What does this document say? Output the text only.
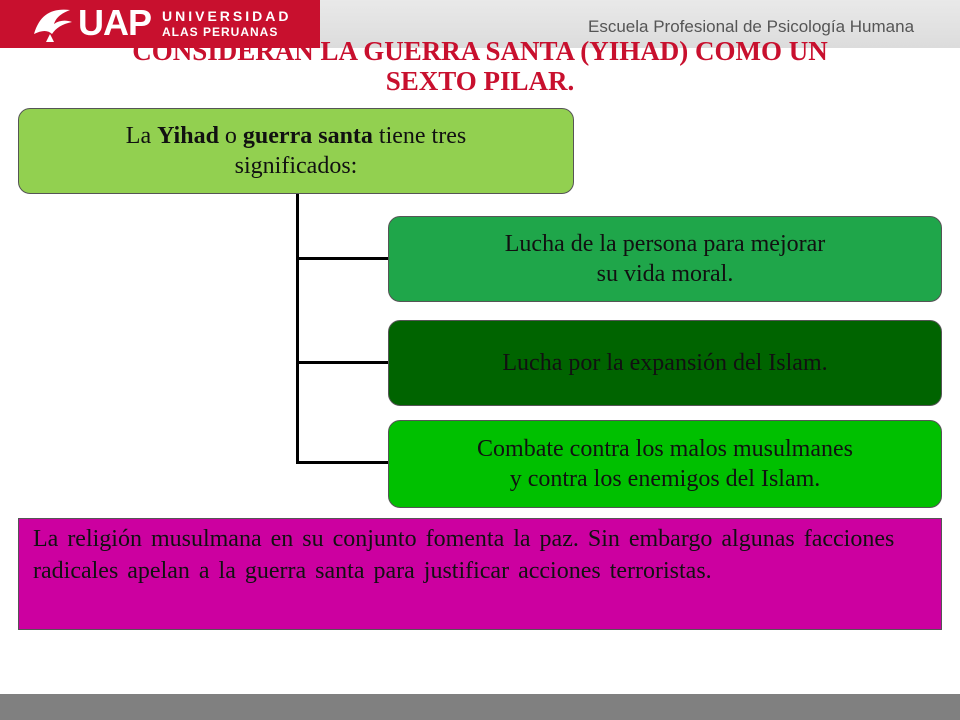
UAP UNIVERSIDAD
ALAS PERUANAS	Escuela Profesional de Psicología Humana
CONSIDERAN LA GUERRA SANTA (YIHAD) COMO UN
SEXTO PILAR.
La Yihad o guerra santa tiene tres
significados:
Lucha de la persona para mejorar
su vida moral.
Lucha por la expansión del Islam.
Combate contra los malos musulmanes
y contra los enemigos del Islam.
La religión musulmana en su conjunto fomenta la paz. Sin embargo algunas facciones radicales apelan a la guerra santa para justificar acciones terroristas.
